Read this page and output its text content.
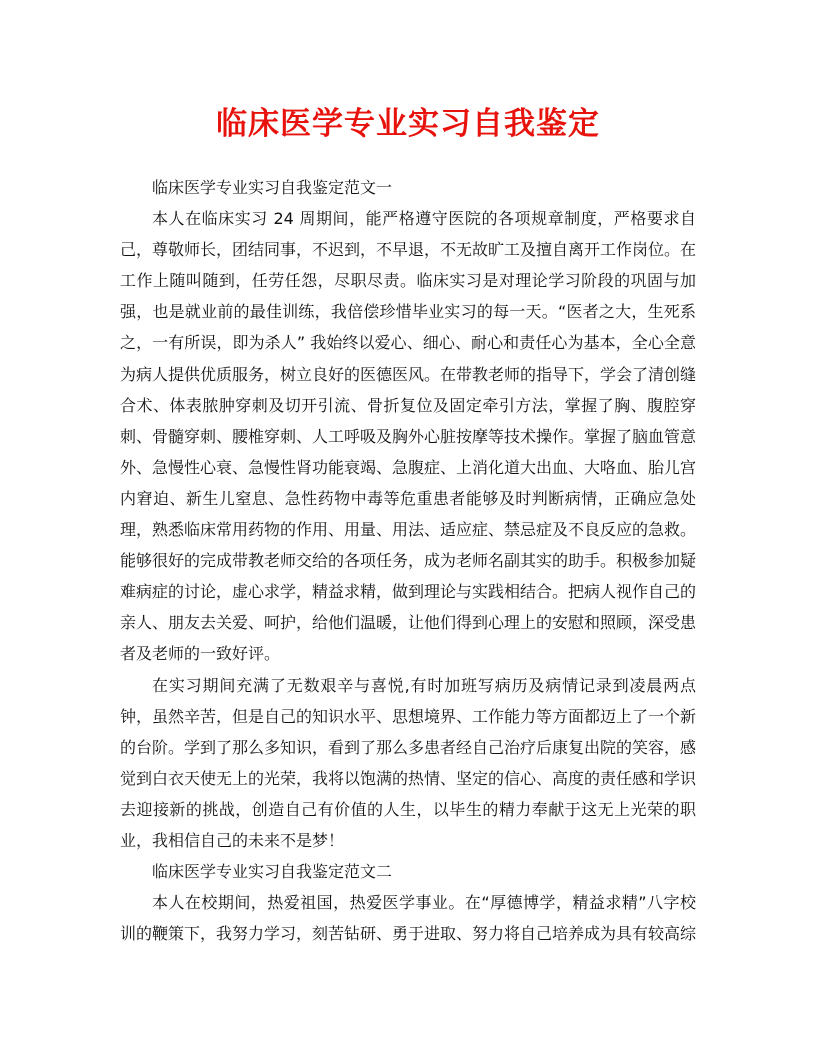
临床医学专业实习自我鉴定

临床医学专业实习自我鉴定范文一

本人在临床实习 24 周期间，能严格遵守医院的各项规章制度，严格要求自己，尊敬师长，团结同事，不迟到，不早退，不无故旷工及擅自离开工作岗位。在工作上随叫随到，任劳任怨，尽职尽责。临床实习是对理论学习阶段的巩固与加强，也是就业前的最佳训练，我倍偿珍惜毕业实习的每一天。“医者之大，生死系之，一有所误，即为杀人” 我始终以爱心、细心、耐心和责任心为基本，全心全意为病人提供优质服务，树立良好的医德医风。在带教老师的指导下，学会了清创缝合术、体表脓肿穿刺及切开引流、骨折复位及固定牵引方法，掌握了胸、腹腔穿刺、骨髓穿刺、腰椎穿刺、人工呼吸及胸外心脏按摩等技术操作。掌握了脑血管意外、急慢性心衰、急慢性肾功能衰竭、急腹症、上消化道大出血、大咯血、胎儿宫内窘迫、新生儿窒息、急性药物中毒等危重患者能够及时判断病情，正确应急处理，熟悉临床常用药物的作用、用量、用法、适应症、禁忌症及不良反应的急救。能够很好的完成带教老师交给的各项任务，成为老师名副其实的助手。积极参加疑难病症的讨论，虚心求学，精益求精，做到理论与实践相结合。把病人视作自己的亲人、朋友去关爱、呵护，给他们温暖，让他们得到心理上的安慰和照顾，深受患者及老师的一致好评。

在实习期间充满了无数艰辛与喜悦,有时加班写病历及病情记录到凌晨两点钟，虽然辛苦，但是自己的知识水平、思想境界、工作能力等方面都迈上了一个新的台阶。学到了那么多知识，看到了那么多患者经自己治疗后康复出院的笑容，感觉到白衣天使无上的光荣，我将以饱满的热情、坚定的信心、高度的责任感和学识去迎接新的挑战，创造自己有价值的人生，以毕生的精力奉献于这无上光荣的职业，我相信自己的未来不是梦！

临床医学专业实习自我鉴定范文二

本人在校期间，热爱祖国，热爱医学事业。在“厚德博学，精益求精”八字校训的鞭策下，我努力学习，刻苦钻研、勇于进取、努力将自己培养成为具有较高综
